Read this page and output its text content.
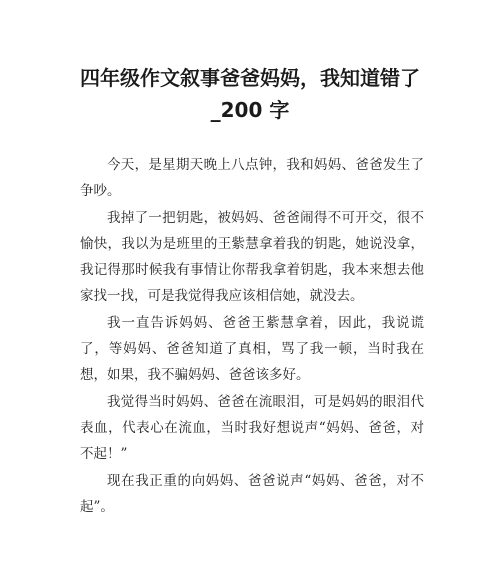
四年级作文叙事爸爸妈妈，我知道错了
_200 字

今天，是星期天晚上八点钟，我和妈妈、爸爸发生了争吵。

我掉了一把钥匙，被妈妈、爸爸闹得不可开交，很不愉快，我以为是班里的王紫慧拿着我的钥匙，她说没拿，我记得那时候我有事情让你帮我拿着钥匙，我本来想去他家找一找，可是我觉得我应该相信她，就没去。

我一直告诉妈妈、爸爸王紫慧拿着，因此，我说谎了，等妈妈、爸爸知道了真相，骂了我一顿，当时我在想，如果，我不骗妈妈、爸爸该多好。

我觉得当时妈妈、爸爸在流眼泪，可是妈妈的眼泪代表血，代表心在流血，当时我好想说声“妈妈、爸爸，对不起！”

现在我正重的向妈妈、爸爸说声“妈妈、爸爸，对不起”。
